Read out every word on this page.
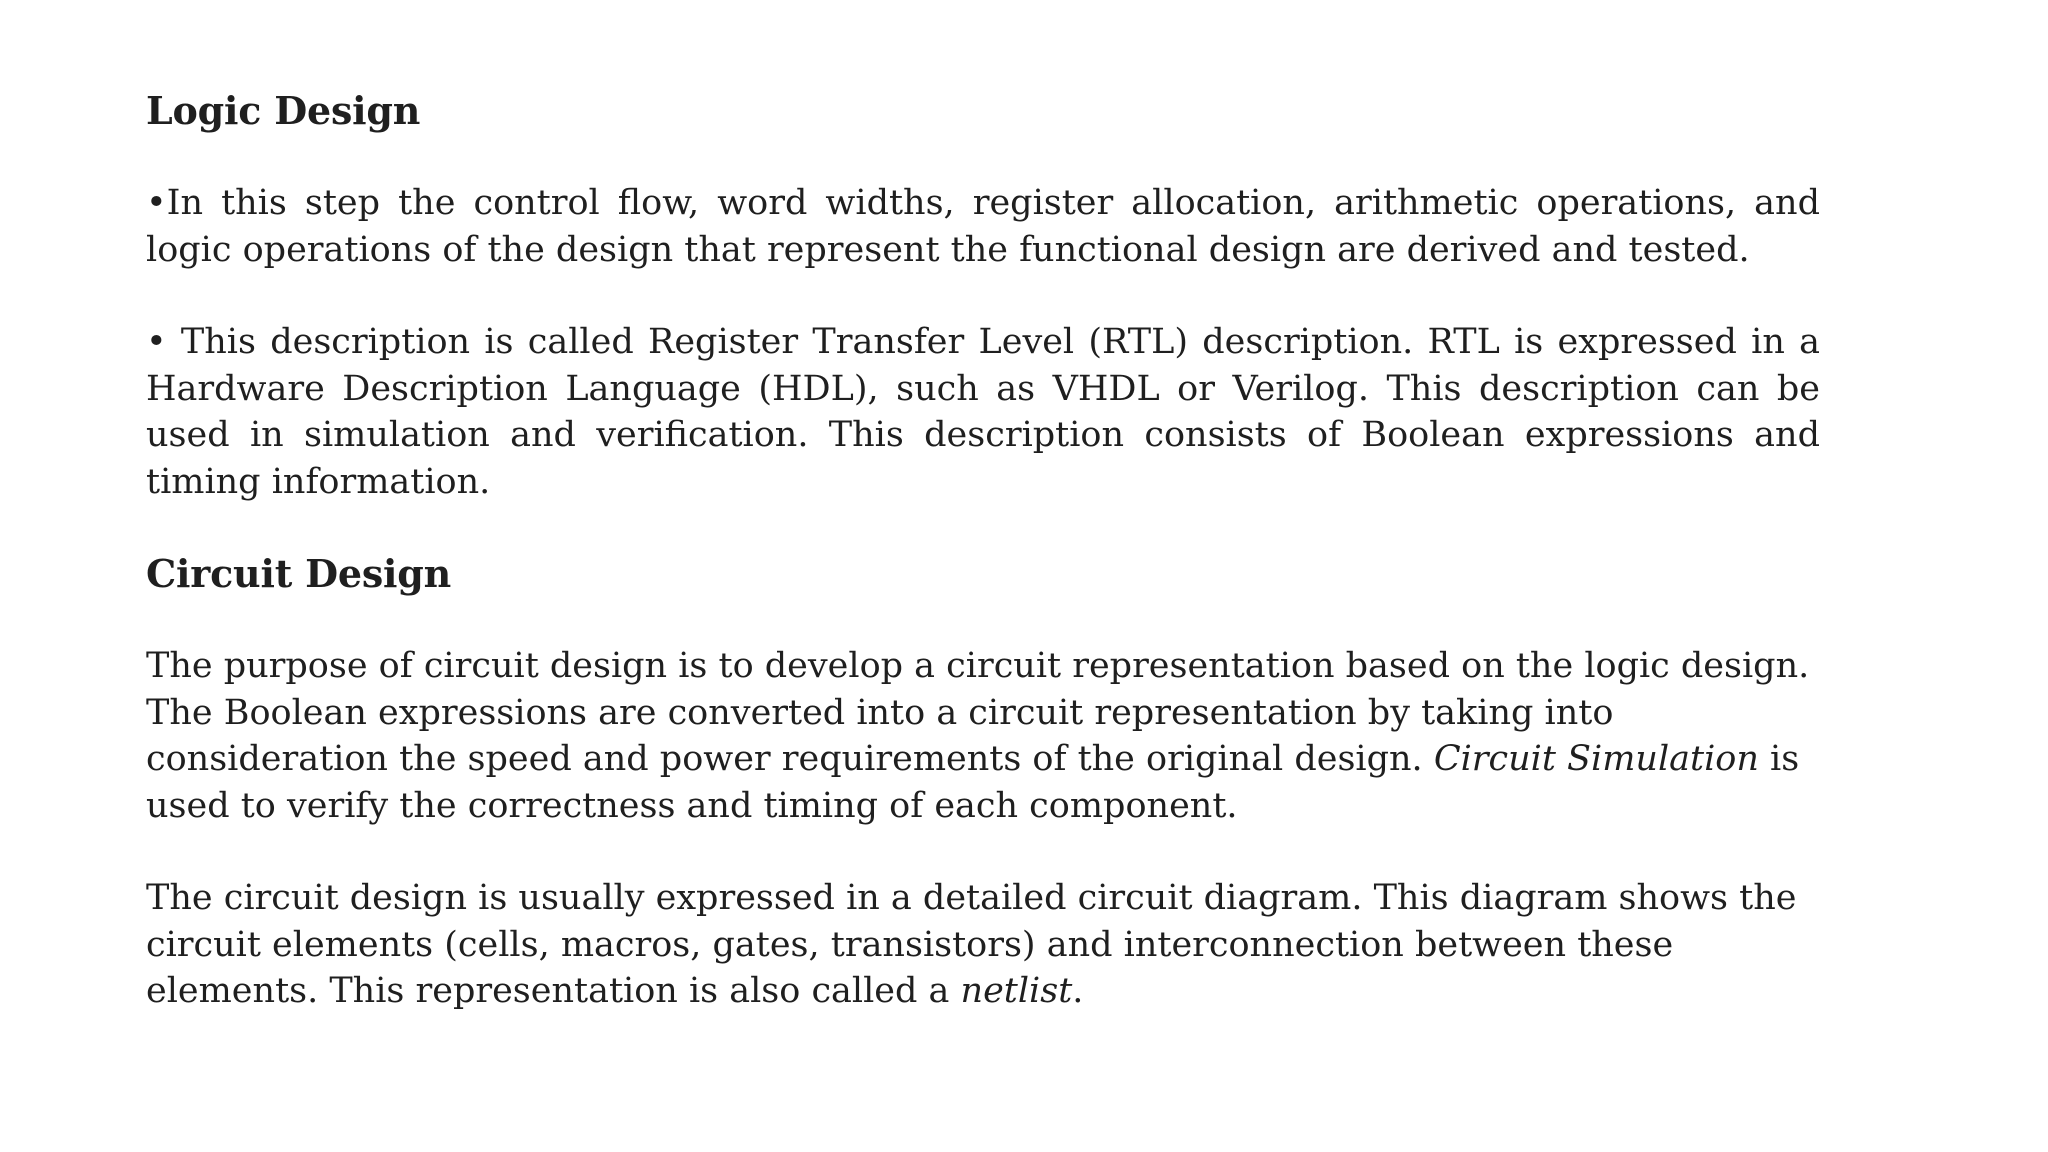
Logic Design

•In this step the control flow, word widths, register allocation, arithmetic operations, and logic operations of the design that represent the functional design are derived and tested.

• This description is called Register Transfer Level (RTL) description. RTL is expressed in a Hardware Description Language (HDL), such as VHDL or Verilog. This description can be used in simulation and verification. This description consists of Boolean expressions and timing information.

Circuit Design

The purpose of circuit design is to develop a circuit representation based on the logic design. The Boolean expressions are converted into a circuit representation by taking into consideration the speed and power requirements of the original design. Circuit Simulation is used to verify the correctness and timing of each component.

The circuit design is usually expressed in a detailed circuit diagram. This diagram shows the circuit elements (cells, macros, gates, transistors) and interconnection between these elements. This representation is also called a netlist.
